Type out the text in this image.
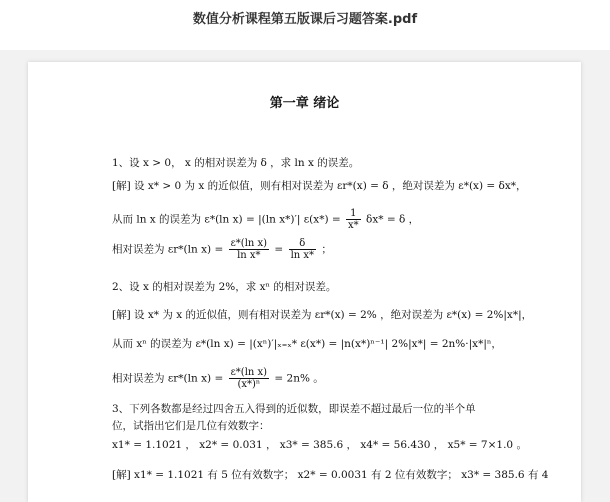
数值分析课程第五版课后习题答案.pdf
第一章 绪论
1、设 x > 0， x 的相对误差为 δ ，求 ln x 的误差。
[解] 设 x* > 0 为 x 的近似值，则有相对误差为 εr*(x) = δ ，绝对误差为 ε*(x) = δx*，
从而 ln x 的误差为 ε*(ln x) = |(ln x*)′| $\varepsilon(x*) = \frac{1}{x*} \delta x* = \delta$ ，
相对误差为 εr*(ln $x) = \frac{\text{ε*(ln x)}}{\text{ln x*}} = \frac{\delta}{\text{ln x*}}$ ；
2、设 x 的相对误差为 2%，求 xⁿ 的相对误差。
[解] 设 x* 为 x 的近似值，则有相对误差为 εr*(x) = 2% ，绝对误差为 ε*(x) = 2%|x*|，
从而 xⁿ 的误差为 ε*(ln x) = |(xⁿ)′|ₓ₌ₓ* ε(x*) = |n(x*)ⁿ⁻¹| 2%|x*| = 2n%·|x*|ⁿ，
相对误差为 εr*(ln $x) = \frac{\text{ε*(ln x)}}{\text{(x*)ⁿ}} = 2n\%$ 。
3、下列各数都是经过四舍五入得到的近似数，即误差不超过最后一位的半个单
位，试指出它们是几位有效数字：
x1* = 1.1021 ， x2* = 0.031 ， x3* = 385.6 ， x4* = 56.430 ， x5* = 7×1.0 。
[解] x1* = 1.1021 有 5 位有效数字； x2* = 0.0031 有 2 位有效数字； x3* = 385.6 有 4
